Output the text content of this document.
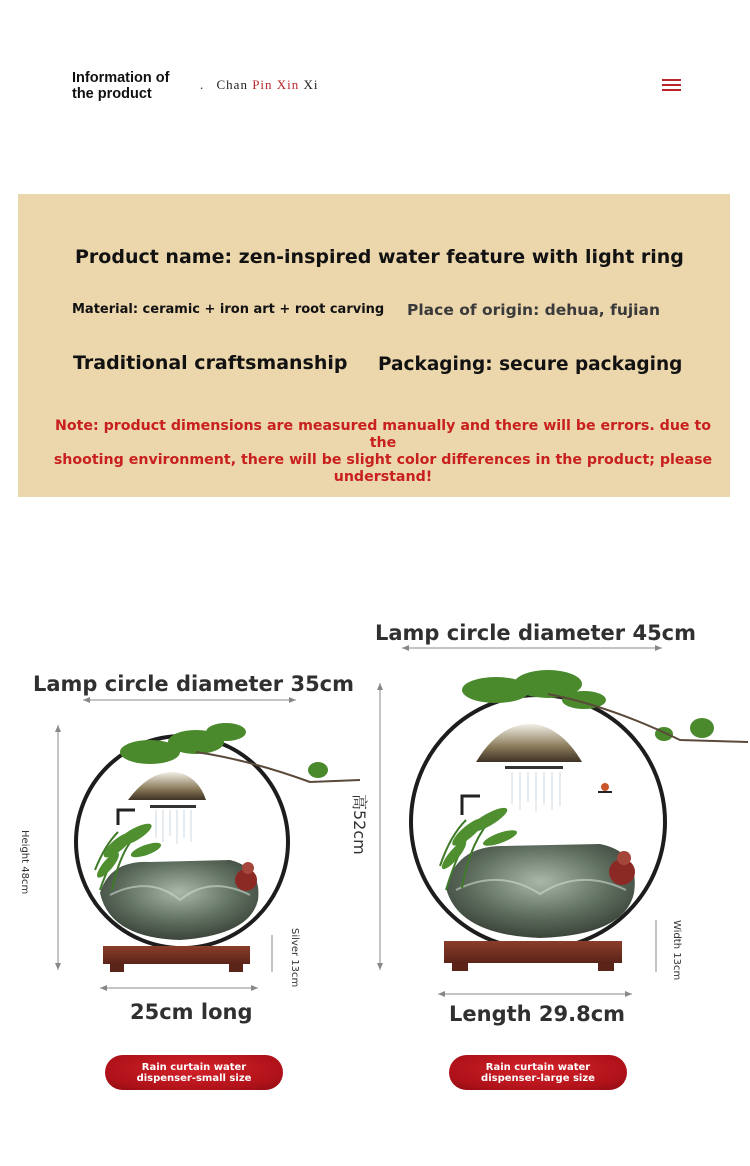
Information of
the product
. Chan Pin Xin Xi
Product name: zen-inspired water feature with light ring
Material: ceramic + iron art + root carving Place of origin: dehua, fujian
Traditional craftsmanship Packaging: secure packaging
Note: product dimensions are measured manually and there will be errors. due to the
shooting environment, there will be slight color differences in the product; please
understand!
Lamp circle diameter 35cm
Lamp circle diameter 45cm
Height 48cm
Silver 13cm
高52cm
Width 13cm
25cm long	Length 29.8cm
Rain curtain water dispenser-small size
Rain curtain water dispenser-large size
